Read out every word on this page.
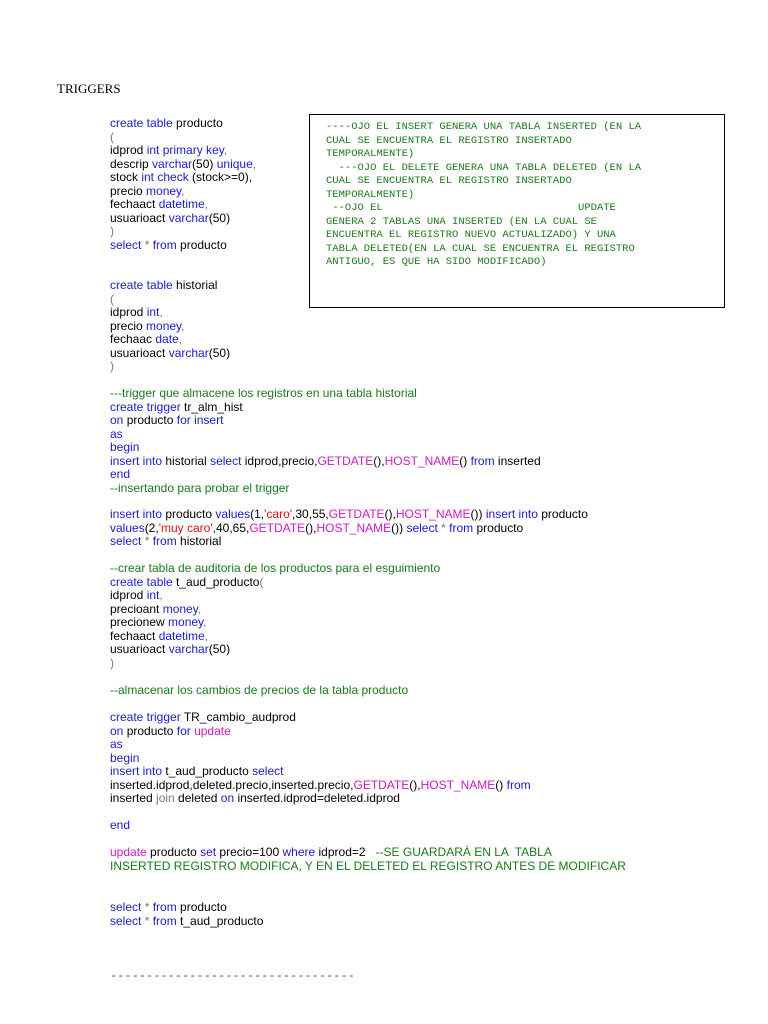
TRIGGERS
create table producto
(
idprod int primary key,
descrip varchar(50) unique,
stock int check (stock>=0),
precio money,
fechaact datetime,
usuarioact varchar(50)
)
select * from producto
create table historial
(
idprod int,
precio money,
fechaac date,
usuarioact varchar(50)
)
---trigger que almacene los registros en una tabla historial
create trigger tr_alm_hist
on producto for insert
as
begin
insert into historial select idprod,precio,GETDATE(),HOST_NAME() from inserted
end
--insertando para probar el trigger
insert into producto values(1,'caro',30,55,GETDATE(),HOST_NAME()) insert into producto
values(2,'muy caro',40,65,GETDATE(),HOST_NAME()) select * from producto
select * from historial
--crear tabla de auditoria de los productos para el esguimiento
create table t_aud_producto(
idprod int,
precioant money,
precionew money,
fechaact datetime,
usuarioact varchar(50)
)
--almacenar los cambios de precios de la tabla producto
create trigger TR_cambio_audprod
on producto for update
as
begin
insert into t_aud_producto select
inserted.idprod,deleted.precio,inserted.precio,GETDATE(),HOST_NAME() from
inserted join deleted on inserted.idprod=deleted.idprod
end
update producto set precio=100 where idprod=2   --SE GUARDARÁ EN LA  TABLA
INSERTED REGISTRO MODIFICA, Y EN EL DELETED EL REGISTRO ANTES DE MODIFICAR
select * from producto
select * from t_aud_producto
----OJO EL INSERT GENERA UNA TABLA INSERTED (EN LA
CUAL SE ENCUENTRA EL REGISTRO INSERTADO
TEMPORALMENTE)
---OJO EL DELETE GENERA UNA TABLA DELETED (EN LA
CUAL SE ENCUENTRA EL REGISTRO INSERTADO
TEMPORALMENTE)
--OJO EL                               UPDATE
GENERA 2 TABLAS UNA INSERTED (EN LA CUAL SE
ENCUENTRA EL REGISTRO NUEVO ACTUALIZADO) Y UNA
TABLA DELETED(EN LA CUAL SE ENCUENTRA EL REGISTRO
ANTIGUO, ES QUE HA SIDO MODIFICADO)
----------------------------------
